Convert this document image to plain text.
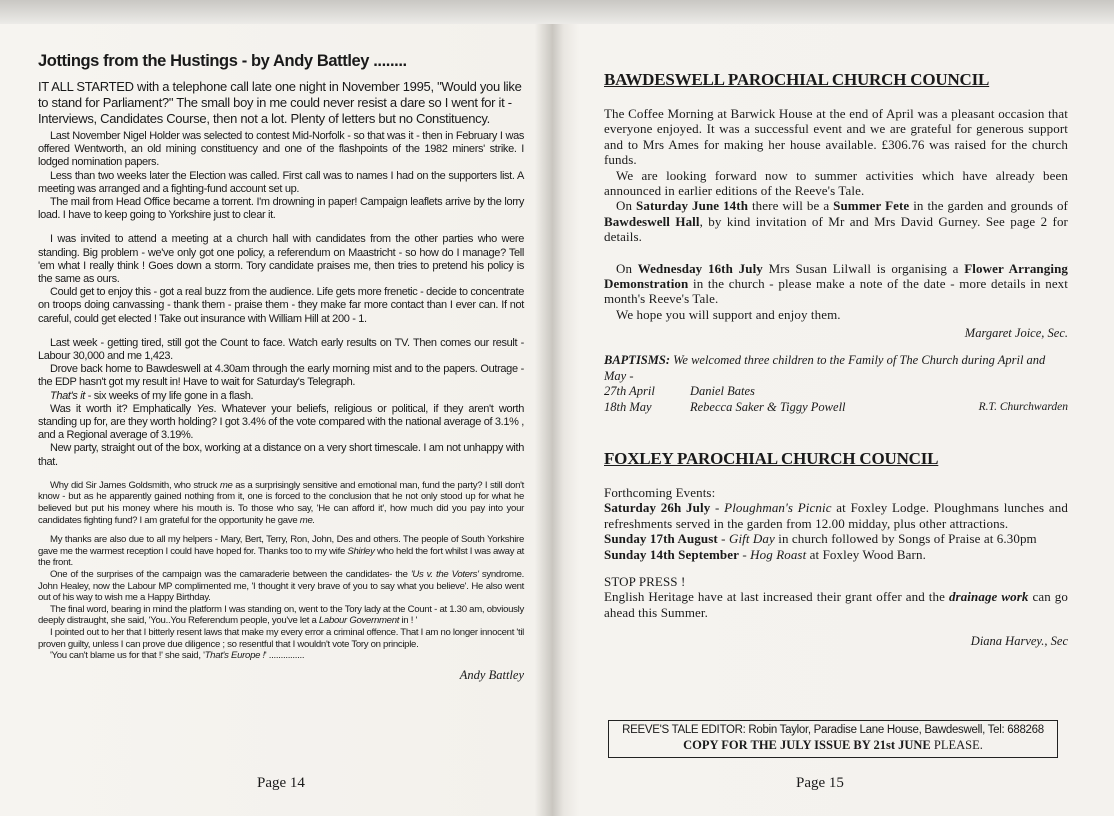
Jottings from the Hustings - by Andy Battley ........

IT ALL STARTED with a telephone call late one night in November 1995, "Would you like to stand for Parliament?" The small boy in me could never resist a dare so I went for it - Interviews, Candidates Course, then not a lot. Plenty of letters but no Constituency.

Last November Nigel Holder was selected to contest Mid-Norfolk - so that was it - then in February I was offered Wentworth, an old mining constituency and one of the flashpoints of the 1982 miners' strike. I lodged nomination papers.

Less than two weeks later the Election was called. First call was to names I had on the supporters list. A meeting was arranged and a fighting-fund account set up.

The mail from Head Office became a torrent. I'm drowning in paper! Campaign leaflets arrive by the lorry load. I have to keep going to Yorkshire just to clear it.

I was invited to attend a meeting at a church hall with candidates from the other parties who were standing. Big problem - we've only got one policy, a referendum on Maastricht - so how do I manage? Tell 'em what I really think ! Goes down a storm. Tory candidate praises me, then tries to pretend his policy is the same as ours.

Could get to enjoy this - got a real buzz from the audience. Life gets more frenetic - decide to concentrate on troops doing canvassing - thank them - praise them - they make far more contact than I ever can. If not careful, could get elected ! Take out insurance with William Hill at 200 - 1.

Last week - getting tired, still got the Count to face. Watch early results on TV. Then comes our result - Labour 30,000 and me 1,423.

Drove back home to Bawdeswell at 4.30am through the early morning mist and to the papers. Outrage - the EDP hasn't got my result in! Have to wait for Saturday's Telegraph.

That's it - six weeks of my life gone in a flash.

Was it worth it? Emphatically Yes. Whatever your beliefs, religious or political, if they aren't worth standing up for, are they worth holding? I got 3.4% of the vote compared with the national average of 3.1% , and a Regional average of 3.19%.

New party, straight out of the box, working at a distance on a very short timescale. I am not unhappy with that.

Why did Sir James Goldsmith, who struck me as a surprisingly sensitive and emotional man, fund the party? I still don't know - but as he apparently gained nothing from it, one is forced to the conclusion that he not only stood up for what he believed but put his money where his mouth is. To those who say, 'He can afford it', how much did you pay into your candidates fighting fund? I am grateful for the opportunity he gave me.

My thanks are also due to all my helpers - Mary, Bert, Terry, Ron, John, Des and others. The people of South Yorkshire gave me the warmest reception I could have hoped for. Thanks too to my wife Shirley who held the fort whilst I was away at the front.

One of the surprises of the campaign was the camaraderie between the candidates- the 'Us v. the Voters' syndrome. John Healey, now the Labour MP complimented me, 'I thought it very brave of you to say what you believe'. He also went out of his way to wish me a Happy Birthday.

The final word, bearing in mind the platform I was standing on, went to the Tory lady at the Count - at 1.30 am, obviously deeply distraught, she said, 'You..You Referendum people, you've let a Labour Government in ! '

I pointed out to her that I bitterly resent laws that make my every error a criminal offence. That I am no longer innocent 'til proven guilty, unless I can prove due diligence ; so resentful that I wouldn't vote Tory on principle.

'You can't blame us for that !' she said, 'That's Europe !' ...............

Andy Battley

Page 14
BAWDESWELL PAROCHIAL CHURCH COUNCIL

The Coffee Morning at Barwick House at the end of April was a pleasant occasion that everyone enjoyed. It was a successful event and we are grateful for generous support and to Mrs Ames for making her house available. £306.76 was raised for the church funds.

We are looking forward now to summer activities which have already been announced in earlier editions of the Reeve's Tale.

On Saturday June 14th there will be a Summer Fete in the garden and grounds of Bawdeswell Hall, by kind invitation of Mr and Mrs David Gurney. See page 2 for details.

On Wednesday 16th July Mrs Susan Lilwall is organising a Flower Arranging Demonstration in the church - please make a note of the date - more details in next month's Reeve's Tale.

We hope you will support and enjoy them.

Margaret Joice, Sec.

BAPTISMS: We welcomed three children to the Family of The Church during April and May -

27th April	Daniel Bates
18th May	Rebecca Saker & Tiggy Powell	R.T. Churchwarden
FOXLEY PAROCHIAL CHURCH COUNCIL

Forthcoming Events:

Saturday 26h July - Ploughman's Picnic at Foxley Lodge. Ploughmans lunches and refreshments served in the garden from 12.00 midday, plus other attractions.

Sunday 17th August - Gift Day in church followed by Songs of Praise at 6.30pm

Sunday 14th September - Hog Roast at Foxley Wood Barn.

STOP PRESS !

English Heritage have at last increased their grant offer and the drainage work can go ahead this Summer.

Diana Harvey., Sec

REEVE'S TALE EDITOR: Robin Taylor, Paradise Lane House, Bawdeswell, Tel: 688268
COPY FOR THE JULY ISSUE BY 21st JUNE PLEASE.
Page 15
